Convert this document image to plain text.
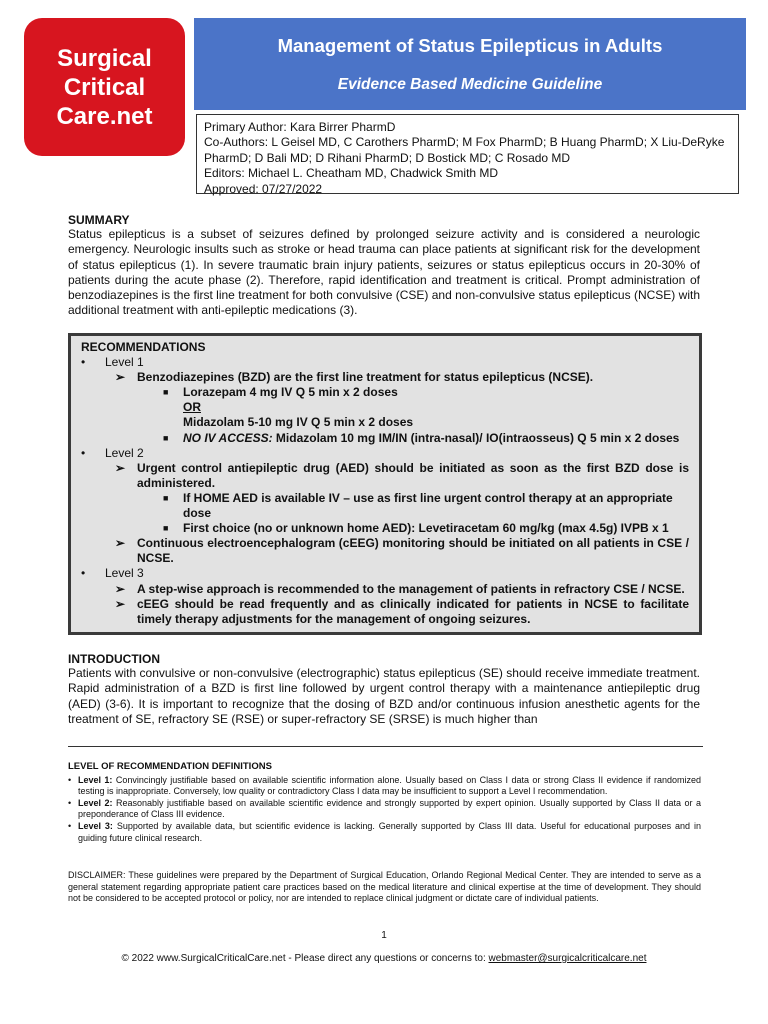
Surgical
Critical
Care.net
Management of Status Epilepticus in Adults
Evidence Based Medicine Guideline
Primary Author: Kara Birrer PharmD
Co-Authors: L Geisel MD, C Carothers PharmD; M Fox PharmD; B Huang PharmD; X Liu-DeRyke PharmD; D Bali MD; D Rihani PharmD; D Bostick MD; C Rosado MD
Editors: Michael L. Cheatham MD, Chadwick Smith MD
Approved: 07/27/2022
SUMMARY

Status epilepticus is a subset of seizures defined by prolonged seizure activity and is considered a neurologic emergency. Neurologic insults such as stroke or head trauma can place patients at significant risk for the development of status epilepticus (1). In severe traumatic brain injury patients, seizures or status epilepticus occurs in 20-30% of patients during the acute phase (2). Therefore, rapid identification and treatment is critical. Prompt administration of benzodiazepines is the first line treatment for both convulsive (CSE) and non-convulsive status epilepticus (NCSE) with additional treatment with anti-epileptic medications (3).

RECOMMENDATIONS
• Level 1
➢ Benzodiazepines (BZD) are the first line treatment for status epilepticus (NCSE).
■ Lorazepam 4 mg IV Q 5 min x 2 doses
OR
Midazolam 5-10 mg IV Q 5 min x 2 doses
■ NO IV ACCESS: Midazolam 10 mg IM/IN (intra-nasal)/ IO(intraosseus) Q 5 min x 2 doses
• Level 2
➢ Urgent control antiepileptic drug (AED) should be initiated as soon as the first BZD dose is administered.
■ If HOME AED is available IV – use as first line urgent control therapy at an appropriate dose
■ First choice (no or unknown home AED): Levetiracetam 60 mg/kg (max 4.5g) IVPB x 1
➢ Continuous electroencephalogram (cEEG) monitoring should be initiated on all patients in CSE / NCSE.
• Level 3
➢ A step-wise approach is recommended to the management of patients in refractory CSE / NCSE.
➢ cEEG should be read frequently and as clinically indicated for patients in NCSE to facilitate timely therapy adjustments for the management of ongoing seizures.
INTRODUCTION

Patients with convulsive or non-convulsive (electrographic) status epilepticus (SE) should receive immediate treatment. Rapid administration of a BZD is first line followed by urgent control therapy with a maintenance antiepileptic drug (AED) (3-6). It is important to recognize that the dosing of BZD and/or continuous infusion anesthetic agents for the treatment of SE, refractory SE (RSE) or super-refractory SE (SRSE) is much higher than

LEVEL OF RECOMMENDATION DEFINITIONS
• Level 1: Convincingly justifiable based on available scientific information alone. Usually based on Class I data or strong Class II evidence if randomized testing is inappropriate. Conversely, low quality or contradictory Class I data may be insufficient to support a Level I recommendation.
• Level 2: Reasonably justifiable based on available scientific evidence and strongly supported by expert opinion. Usually supported by Class II data or a preponderance of Class III evidence.
• Level 3: Supported by available data, but scientific evidence is lacking. Generally supported by Class III data. Useful for educational purposes and in guiding future clinical research.

DISCLAIMER: These guidelines were prepared by the Department of Surgical Education, Orlando Regional Medical Center. They are intended to serve as a general statement regarding appropriate patient care practices based on the medical literature and clinical expertise at the time of development. They should not be considered to be accepted protocol or policy, nor are intended to replace clinical judgment or dictate care of individual patients.

1
© 2022 www.SurgicalCriticalCare.net - Please direct any questions or concerns to: webmaster@surgicalcriticalcare.net
